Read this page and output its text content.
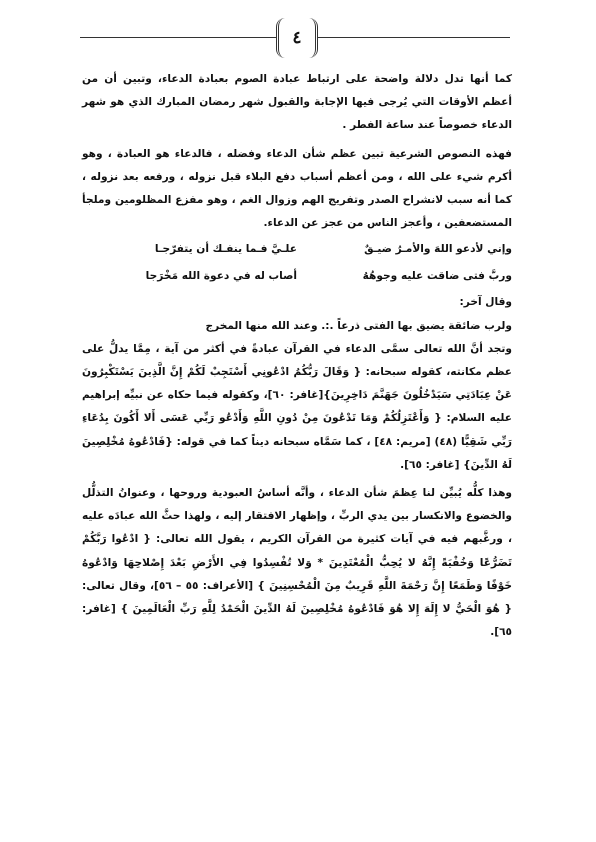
٤

كما أنها تدل دلالة واضحة على ارتباط عبادة الصوم بعبادة الدعاء، وتبين أن من أعظم الأوقات التي يُرجى فيها الإجابة والقبول شهر رمضان المبارك الذي هو شهر الدعاء خصوصاً عند ساعة الفطر .

فهذه النصوص الشرعية تبين عظم شأن الدعاء وفضله ، فالدعاء هو العبادة ، وهو أكرم شيء على الله ، ومن أعظم أسباب دفع البلاء قبل نزوله ، ورفعه بعد نزوله ، كما أنه سبب لانشراح الصدر وتفريج الهم وزوال الغم ، وهو مفزع المظلومين وملجأ المستضعفين ، وأعجز الناس من عجز عن الدعاء.

وإني لأدعو اللهَ والأمـرُ ضيـقٌ
علـيَّ فـما ينفـك أن يتفرّجـا
وربَّ فتى ضاقت عليه وجوهُهُ
أصاب له في دعوة الله مَخْرَجا

وقال آخر:

ولرب ضائقة يضيق بها الفتى ذرعاً .:. وعند الله منها المخرج

وتجد أنَّ الله تعالى سمَّى الدعاء في القرآن عبادةً في أكثر من آية ، مِمَّا يدلُّ على عظم مكانته، كقوله سبحانه: { وَقَالَ رَبُّكُمُ ادْعُونِي أَسْتَجِبْ لَكُمْ إِنَّ الَّذِينَ يَسْتَكْبِرُونَ عَنْ عِبَادَتِي سَيَدْخُلُونَ جَهَنَّمَ دَاخِرِينَ}[غافر: ٦٠]، وكقوله فيما حكاه عن نبيِّه إبراهيم عليه السلام: { وَأَعْتَزِلُكُمْ وَمَا تَدْعُونَ مِنْ دُونِ اللَّهِ وَأَدْعُو رَبِّي عَسَى أَلا أَكُونَ بِدُعَاءِ رَبِّي شَقِيًّا (٤٨) [مريم: ٤٨] ، كما سَمَّاه سبحانه ديناً كما في قوله: {فَادْعُوهُ مُخْلِصِينَ لَهُ الدِّينَ} [غافر: ٦٥].

وهذا كلُّه يُبيِّن لنا عِظمَ شأن الدعاء ، وأنَّه أساسُ العبودية وروحها ، وعنوانُ التذلُّل والخضوع والانكسار بين يدي الربِّ ، وإظهار الافتقار إليه ، ولهذا حثَّ الله عبادَه عليه ، ورغَّبهم فيه في آيات كثيرة من القرآن الكريم ، يقول الله تعالى: { ادْعُوا رَبَّكُمْ تَضَرُّعًا وَخُفْيَةً إِنَّهُ لا يُحِبُّ الْمُعْتَدِينَ * وَلا تُفْسِدُوا فِي الأَرْضِ بَعْدَ إِصْلاحِهَا وَادْعُوهُ خَوْفًا وَطَمَعًا إِنَّ رَحْمَةَ اللَّهِ قَرِيبٌ مِنَ الْمُحْسِنِينَ } [الأعراف: ٥٥ – ٥٦]، وقال تعالى: { هُوَ الْحَيُّ لا إِلَهَ إِلا هُوَ فَادْعُوهُ مُخْلِصِينَ لَهُ الدِّينَ الْحَمْدُ لِلَّهِ رَبِّ الْعَالَمِينَ } [غافر: ٦٥].
